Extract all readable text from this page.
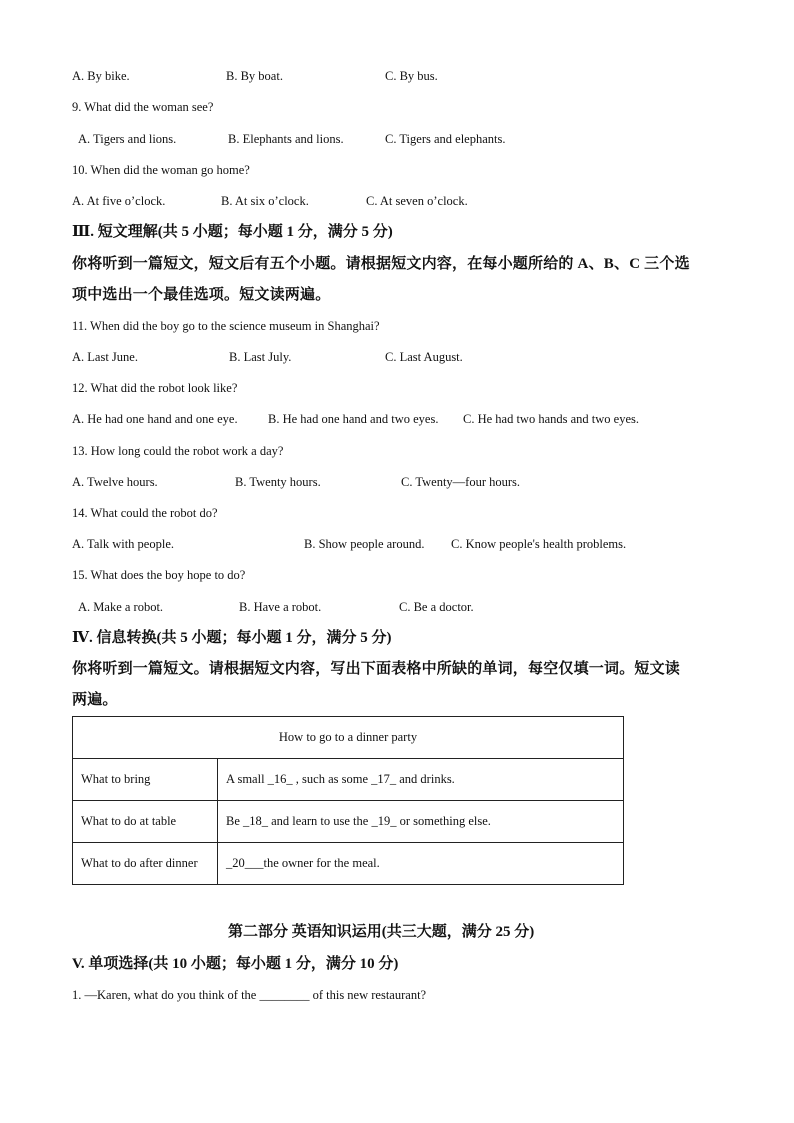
A. By bike.	B. By boat.	C. By bus.
9. What did the woman see?
A. Tigers and lions.	B. Elephants and lions.	C. Tigers and elephants.
10. When did the woman go home?
A. At five o’clock.	B. At six o’clock.	C. At seven o’clock.
Ⅲ. 短文理解(共 5 小题；每小题 1 分，满分 5 分)
你将听到一篇短文，短文后有五个小题。请根据短文内容，在每小题所给的 A、B、C 三个选
项中选出一个最佳选项。短文读两遍。
11. When did the boy go to the science museum in Shanghai?
A. Last June.	B. Last July.	C. Last August.
12. What did the robot look like?
A. He had one hand and one eye. B. He had one hand and two eyes. C. He had two hands and two eyes.
13. How long could the robot work a day?
A. Twelve hours.	B. Twenty hours.	C. Twenty—four hours.
14. What could the robot do?
A. Talk with people.	B. Show people around. C. Know people's health problems.
15. What does the boy hope to do?
A. Make a robot.	B. Have a robot.	C. Be a doctor.
Ⅳ. 信息转换(共 5 小题；每小题 1 分，满分 5 分)
你将听到一篇短文。请根据短文内容，写出下面表格中所缺的单词，每空仅填一词。短文读
两遍。
How to go to a dinner party	
What to bring	A small _16_ , such as some _17_ and drinks.
What to do at table	Be _18_ and learn to use the _19_ or something else.
What to do after dinner	_20___the owner for the meal.
第二部分 英语知识运用(共三大题，满分 25 分)
V. 单项选择(共 10 小题；每小题 1 分，满分 10 分)
1. —Karen, what do you think of the ________ of this new restaurant?
